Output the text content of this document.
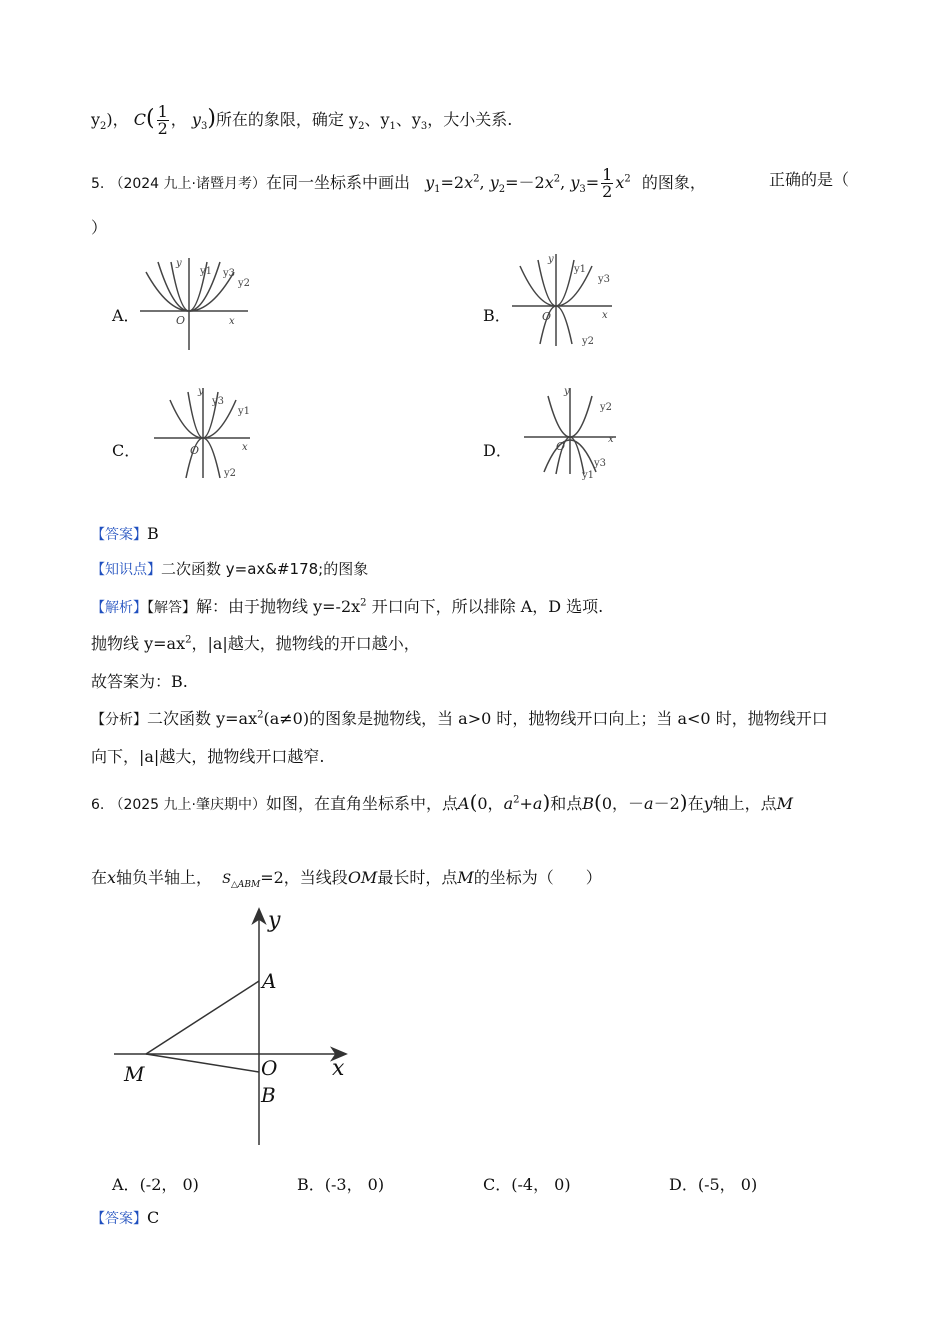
$y_2$)， $C( \frac{1}{2}$ ， $y_3$)所在的象限，确定 $y_2$、$y_1$、$y_3$，大小关系.
5. （2024 九上·诸暨月考）在同一坐标系中画出 $y_1=2x^2$, $y_2=-2x^2$, $y_3= \frac{1}{2} x^2$ 的图象，	正确的是（
）
A．
y
y1 y3
y2
O	x	B．
y
y1
y3
y2
O	x
C．
y
y3
y1
y2
O	x	D．
y
y2
y3
y1
O
x
【答案】B
【知识点】二次函数 y=ax&#178;的图象
【解析】【解答】解：由于抛物线 $y=-2x^2$ 开口向下，所以排除 A，D 选项.
抛物线 $y=ax^2$，|a|越大，抛物线的开口越小，
故答案为：B.
【分析】二次函数 $y=ax^2(a\ne 0)$的图象是抛物线，当 a>0 时，抛物线开口向上；当 a<0 时，抛物线开口
向下，|a|越大，抛物线开口越窄.
6. （2025 九上·肇庆期中）如图，在直角坐标系中，点A(0，$a^2+a$)和点B(0，－a－2)在y轴上，点M
在x轴负半轴上， $S_{\triangle ABM}=2$，当线段OM最长时，点M的坐标为（　　）
y
A
O
B
x
M
A．(-2， 0)	B．(-3， 0)	C．(-4， 0)	D．(-5， 0)
【答案】C
